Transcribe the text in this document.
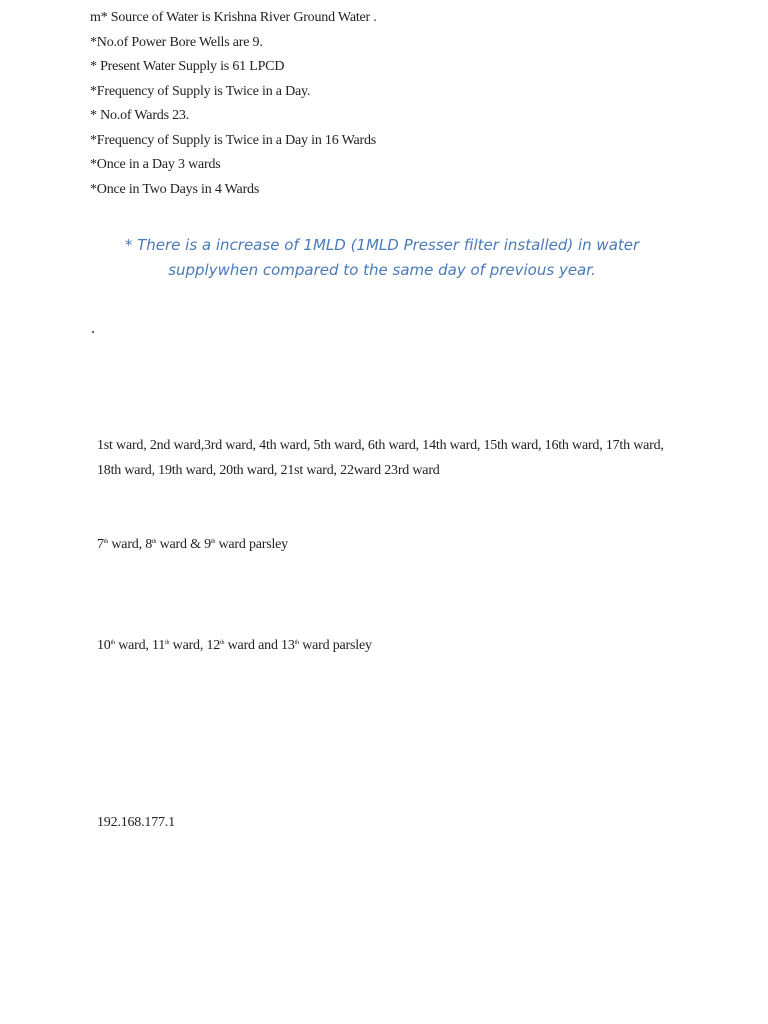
m* Source of Water is Krishna River Ground Water .
*No.of Power Bore Wells are 9.
* Present Water Supply is 61 LPCD
*Frequency of Supply is Twice in a Day.
* No.of Wards 23.
*Frequency of Supply is Twice in a Day in 16 Wards
*Once in a Day 3 wards
*Once in Two Days in 4 Wards
* There is a increase of 1MLD (1MLD Presser filter installed) in water
supplywhen compared to the same day of previous year.
.
1st ward, 2nd ward,3rd ward, 4th ward, 5th ward, 6th ward, 14th ward, 15th ward, 16th ward, 17th ward,
18th ward, 19th ward, 20th ward, 21st ward, 22ward 23rd ward
7th ward, 8th ward & 9th ward parsley
10th ward, 11th ward, 12th ward and 13th ward parsley
192.168.177.1
